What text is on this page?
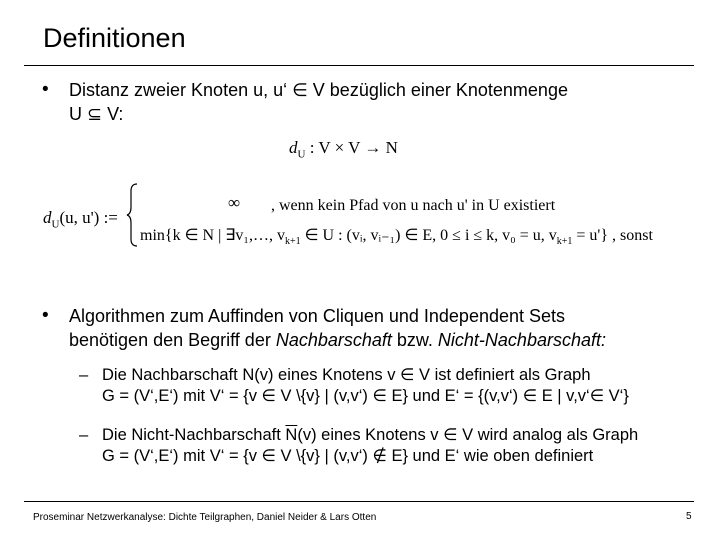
Definitionen
• Distanz zweier Knoten u, u‘ ∈ V bezüglich einer Knotenmenge
U ⊆ V:
$d_U$ : V × V → N
$d_U(u$, u') :=
∞ , wenn kein Pfad von u nach u' in U existiert
min{k ∈ N | ∃v₁,…, $v_{k+1}$ ∈ U : (vᵢ, vᵢ₋₁) ∈ E, 0 ≤ i ≤ k, v₀ = u, $v_{k+1} = u'$} , sonst
• Algorithmen zum Auffinden von Cliquen und Independent Sets
benötigen den Begriff der Nachbarschaft bzw. Nicht-Nachbarschaft:
– Die Nachbarschaft N(v) eines Knotens v ∈ V ist definiert als Graph
G = (V‘,E‘) mit V‘ = {v ∈ V \{v} | (v,v‘) ∈ E} und E‘ = {(v,v‘) ∈ E | v,v‘∈ V‘}
– Die Nicht-Nachbarschaft $\overline{N}(v)$ eines Knotens v ∈ V wird analog als Graph
G = (V‘,E‘) mit V‘ = {v ∈ V \{v} | (v,v‘) ∉ E} und E‘ wie oben definiert
Proseminar Netzwerkanalyse: Dichte Teilgraphen, Daniel Neider & Lars Otten	5
